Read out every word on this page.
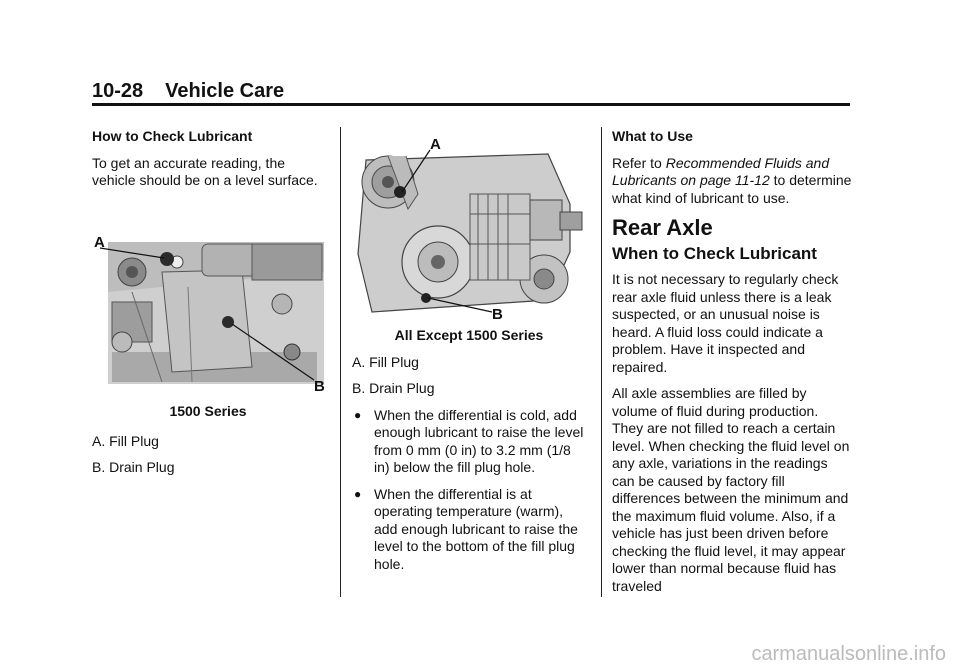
10-28 Vehicle Care

How to Check Lubricant

To get an accurate reading, the vehicle should be on a level surface.

A
B

1500 Series

A. Fill Plug

B. Drain Plug

A
B

All Except 1500 Series

A. Fill Plug

B. Drain Plug

● When the differential is cold, add enough lubricant to raise the level from 0 mm (0 in) to 3.2 mm (1/8 in) below the fill plug hole.
● When the differential is at operating temperature (warm), add enough lubricant to raise the level to the bottom of the fill plug hole.

What to Use

Refer to Recommended Fluids and Lubricants on page 11-12 to determine what kind of lubricant to use.

Rear Axle
When to Check Lubricant

It is not necessary to regularly check rear axle fluid unless there is a leak suspected, or an unusual noise is heard. A fluid loss could indicate a problem. Have it inspected and repaired.

All axle assemblies are filled by volume of fluid during production. They are not filled to reach a certain level. When checking the fluid level on any axle, variations in the readings can be caused by factory fill differences between the minimum and the maximum fluid volume. Also, if a vehicle has just been driven before checking the fluid level, it may appear lower than normal because fluid has traveled

carmanualsonline.info
